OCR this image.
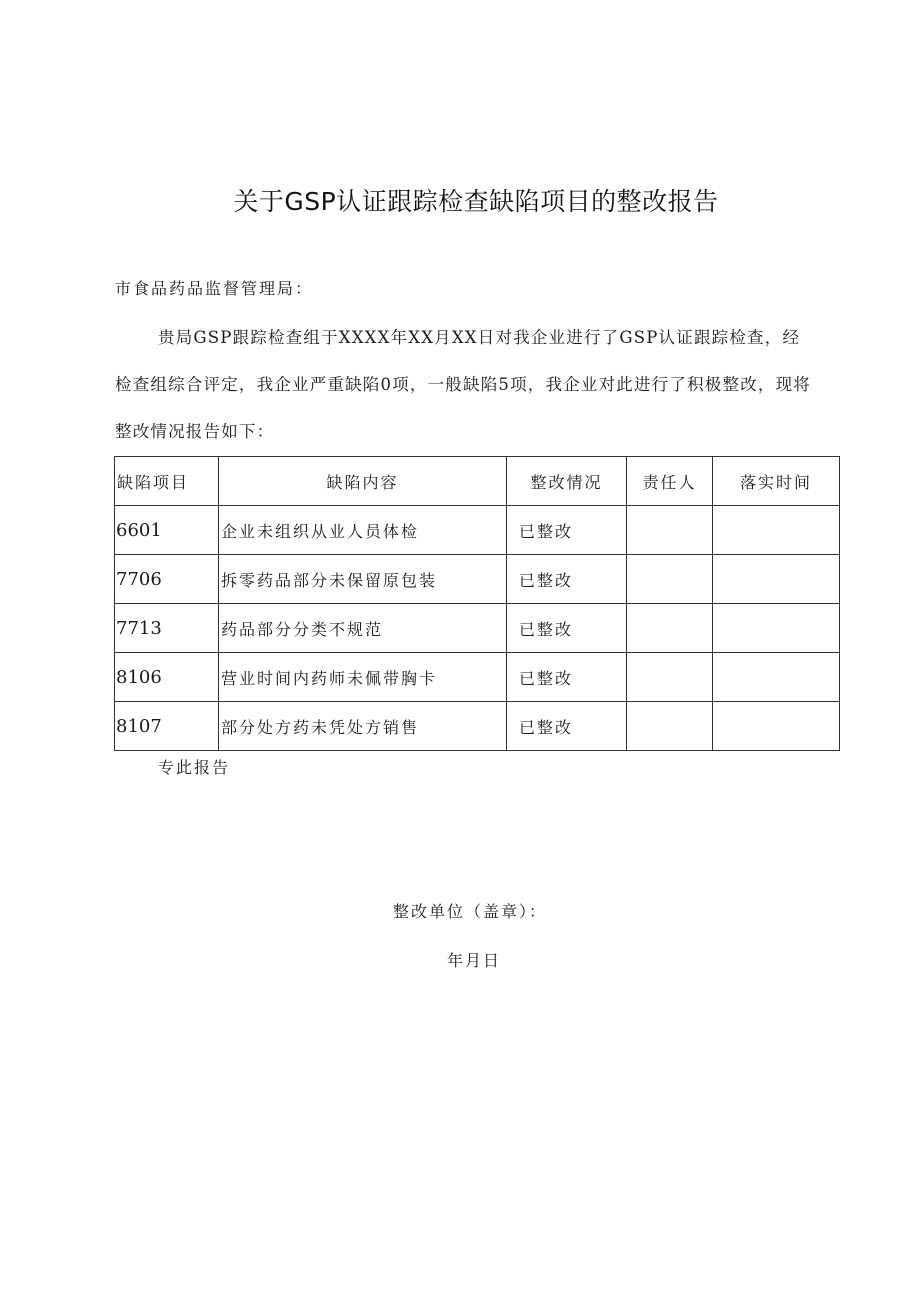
关于GSP认证跟踪检查缺陷项目的整改报告
市食品药品监督管理局：
贵局GSP跟踪检查组于XXXX年XX月XX日对我企业进行了GSP认证跟踪检查，经检查组综合评定，我企业严重缺陷0项，一般缺陷5项，我企业对此进行了积极整改，现将整改情况报告如下：
缺陷项目	缺陷内容	整改情况	责任人	落实时间
6601	企业未组织从业人员体检	已整改		
7706	拆零药品部分未保留原包装	已整改		
7713	药品部分分类不规范	已整改		
8106	营业时间内药师未佩带胸卡	已整改		
8107	部分处方药未凭处方销售	已整改		
专此报告
整改单位（盖章）：
年月日
